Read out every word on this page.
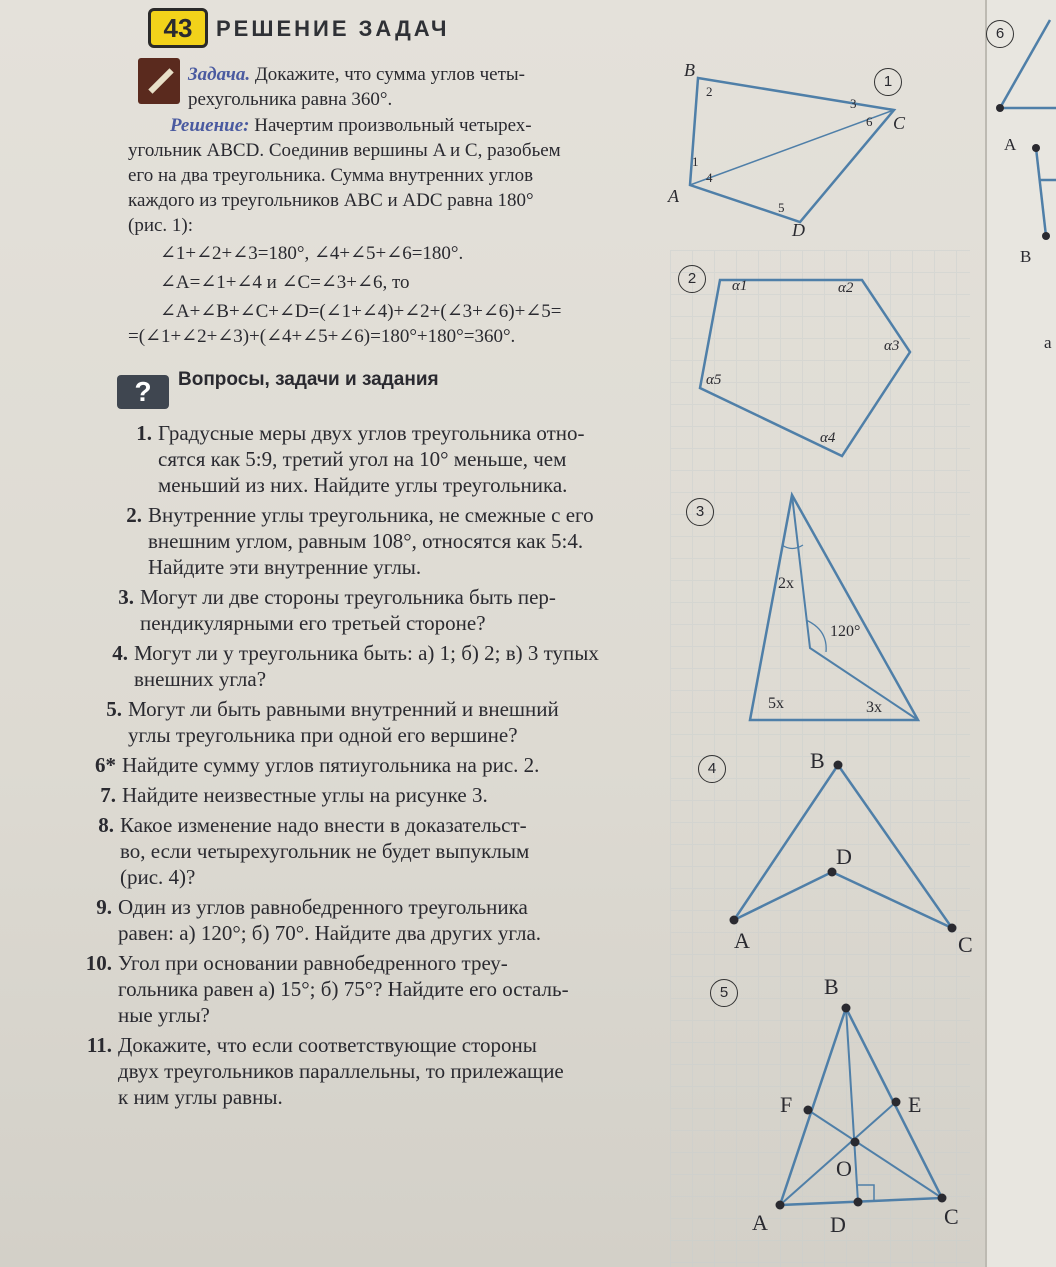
43	РЕШЕНИЕ ЗАДАЧ
Задача. Докажите, что сумма углов четы-
рехугольника равна 360°.
Решение: Начертим произвольный четырех-
угольник ABCD. Соединив вершины A и C, разобьем
его на два треугольника. Сумма внутренних углов
каждого из треугольников ABC и ADC равна 180°
(рис. 1):
∠1+∠2+∠3=180°, ∠4+∠5+∠6=180°.
∠A=∠1+∠4 и ∠C=∠3+∠6, то
∠A+∠B+∠C+∠D=(∠1+∠4)+∠2+(∠3+∠6)+∠5=
=(∠1+∠2+∠3)+(∠4+∠5+∠6)=180°+180°=360°.
?	Вопросы, задачи и задания
1. Градусные меры двух углов треугольника отно-
сятся как 5:9, третий угол на 10° меньше, чем
меньший из них. Найдите углы треугольника.
2. Внутренние углы треугольника, не смежные с его
внешним углом, равным 108°, относятся как 5:4.
Найдите эти внутренние углы.
3. Могут ли две стороны треугольника быть пер-
пендикулярными его третьей стороне?
4. Могут ли у треугольника быть: а) 1; б) 2; в) 3 тупых
внешних угла?
5. Могут ли быть равными внутренний и внешний
углы треугольника при одной его вершине?
6* Найдите сумму углов пятиугольника на рис. 2.
7. Найдите неизвестные углы на рисунке 3.
8. Какое изменение надо внести в доказательст-
во, если четырехугольник не будет выпуклым
(рис. 4)?
9. Один из углов равнобедренного треугольника
равен: а) 120°; б) 70°. Найдите два других угла.
10. Угол при основании равнобедренного треу-
гольника равен а) 15°; б) 75°? Найдите его осталь-
ные углы?
11. Докажите, что если соответствующие стороны
двух треугольников параллельны, то прилежащие
к ним углы равны.
1
2
3
4
5
6
B
C
D
A
2
3
6
1
4
5
α1	α2
α3
α4
α5
2x
120°
5x	3x
B
D
A	C
B
F	E
O
A	D	C
A
B
a
